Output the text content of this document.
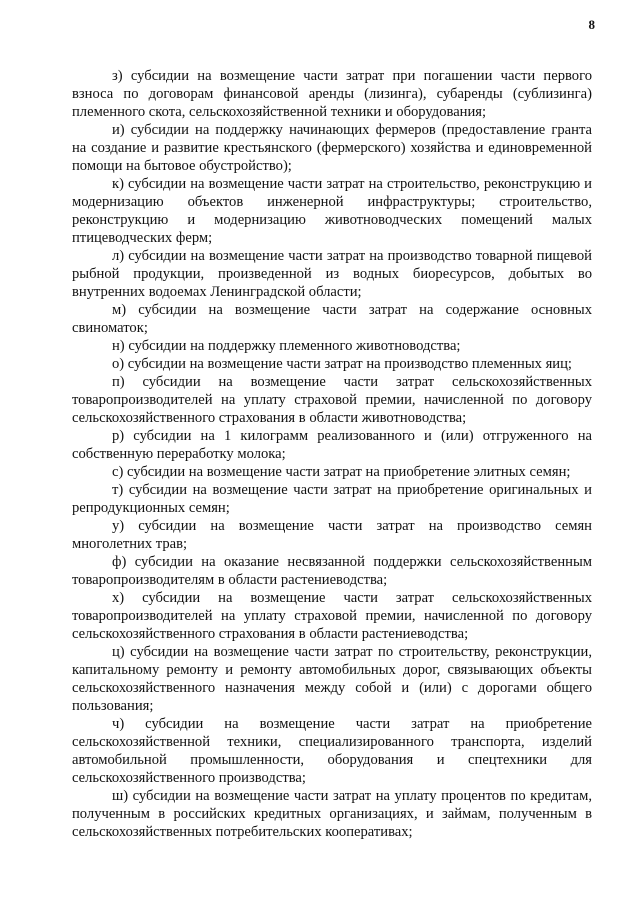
8

з) субсидии на возмещение части затрат при погашении части первого взноса по договорам финансовой аренды (лизинга), субаренды (сублизинга) племенного скота, сельскохозяйственной техники и оборудования;

и) субсидии на поддержку начинающих фермеров (предоставление гранта на создание и развитие крестьянского (фермерского) хозяйства и единовременной помощи на бытовое обустройство);

к) субсидии на возмещение части затрат на строительство, реконструкцию и модернизацию объектов инженерной инфраструктуры; строительство, реконструкцию и модернизацию животноводческих помещений малых птицеводческих ферм;

л) субсидии на возмещение части затрат на производство товарной пищевой рыбной продукции, произведенной из водных биоресурсов, добытых во внутренних водоемах Ленинградской области;

м) субсидии на возмещение части затрат на содержание основных свиноматок;

н) субсидии на поддержку племенного животноводства;

о) субсидии на возмещение части затрат на производство племенных яиц;

п) субсидии на возмещение части затрат сельскохозяйственных товаропроизводителей на уплату страховой премии, начисленной по договору сельскохозяйственного страхования в области животноводства;

р) субсидии на 1 килограмм реализованного и (или) отгруженного на собственную переработку молока;

с) субсидии на возмещение части затрат на приобретение элитных семян;

т) субсидии на возмещение части затрат на приобретение оригинальных и репродукционных семян;

у) субсидии на возмещение части затрат на производство семян многолетних трав;

ф) субсидии на оказание несвязанной поддержки сельскохозяйственным товаропроизводителям в области растениеводства;

х) субсидии на возмещение части затрат сельскохозяйственных товаропроизводителей на уплату страховой премии, начисленной по договору сельскохозяйственного страхования в области растениеводства;

ц) субсидии на возмещение части затрат по строительству, реконструкции, капитальному ремонту и ремонту автомобильных дорог, связывающих объекты сельскохозяйственного назначения между собой и (или) с дорогами общего пользования;

ч) субсидии на возмещение части затрат на приобретение сельскохозяйственной техники, специализированного транспорта, изделий автомобильной промышленности, оборудования и спецтехники для сельскохозяйственного производства;

ш) субсидии на возмещение части затрат на уплату процентов по кредитам, полученным в российских кредитных организациях, и займам, полученным в сельскохозяйственных потребительских кооперативах;
